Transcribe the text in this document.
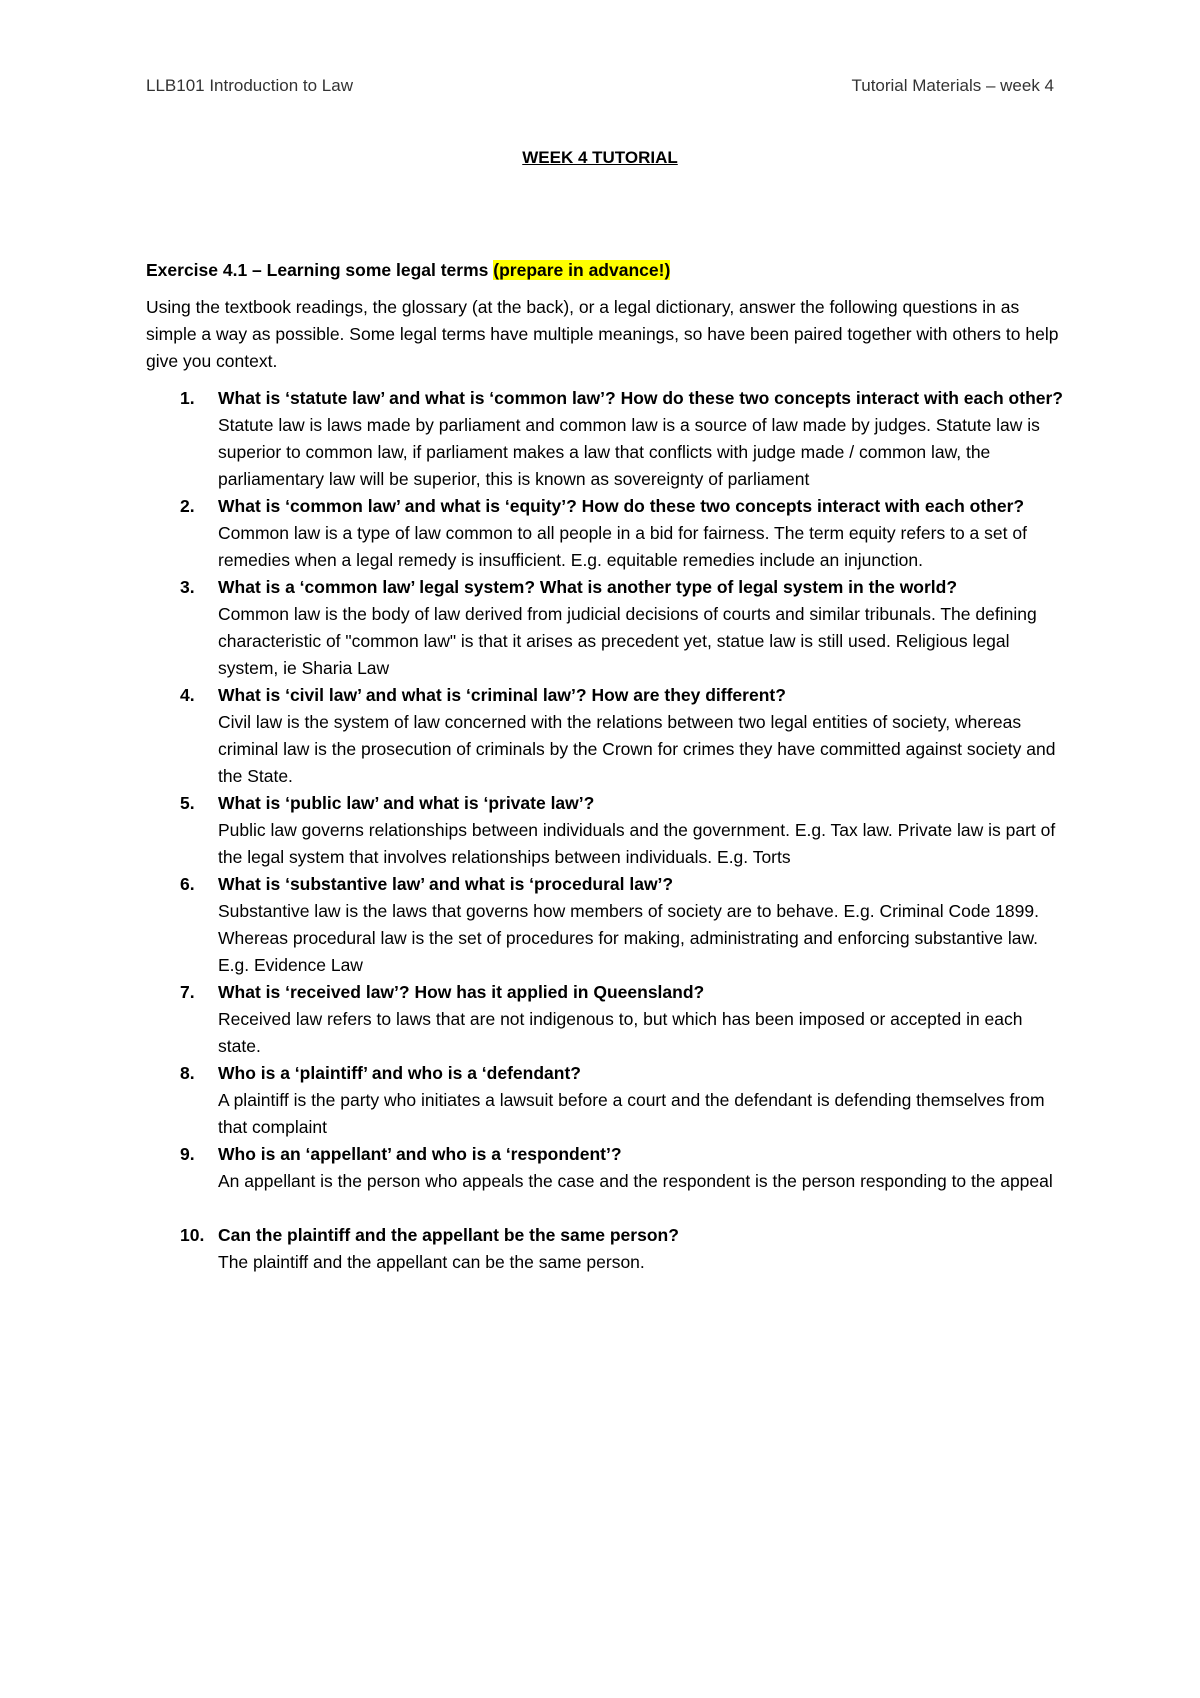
LLB101 Introduction to Law	Tutorial Materials – week 4
WEEK 4 TUTORIAL

Exercise 4.1 – Learning some legal terms (prepare in advance!)

Using the textbook readings, the glossary (at the back), or a legal dictionary, answer the following questions in as simple a way as possible. Some legal terms have multiple meanings, so have been paired together with others to help give you context.

1.	What is ‘statute law’ and what is ‘common law’? How do these two concepts interact with each other?
Statute law is laws made by parliament and common law is a source of law made by judges. Statute law is superior to common law, if parliament makes a law that conflicts with judge made / common law, the parliamentary law will be superior, this is known as sovereignty of parliament
2.	What is ‘common law’ and what is ‘equity’? How do these two concepts interact with each other?
Common law is a type of law common to all people in a bid for fairness. The term equity refers to a set of remedies when a legal remedy is insufficient. E.g. equitable remedies include an injunction.
3.	What is a ‘common law’ legal system? What is another type of legal system in the world?
Common law is the body of law derived from judicial decisions of courts and similar tribunals. The defining characteristic of "common law" is that it arises as precedent yet, statue law is still used. Religious legal system, ie Sharia Law
4.	What is ‘civil law’ and what is ‘criminal law’? How are they different?
Civil law is the system of law concerned with the relations between two legal entities of society, whereas criminal law is the prosecution of criminals by the Crown for crimes they have committed against society and the State.
5.	What is ‘public law’ and what is ‘private law’?
Public law governs relationships between individuals and the government. E.g. Tax law. Private law is part of the legal system that involves relationships between individuals. E.g. Torts
6.	What is ‘substantive law’ and what is ‘procedural law’?
Substantive law is the laws that governs how members of society are to behave. E.g. Criminal Code 1899. Whereas procedural law is the set of procedures for making, administrating and enforcing substantive law. E.g. Evidence Law
7.	What is ‘received law’? How has it applied in Queensland?
Received law refers to laws that are not indigenous to, but which has been imposed or accepted in each state.
8.	Who is a ‘plaintiff’ and who is a ‘defendant?
A plaintiff is the party who initiates a lawsuit before a court and the defendant is defending themselves from that complaint
9.	Who is an ‘appellant’ and who is a ‘respondent’?
An appellant is the person who appeals the case and the respondent is the person responding to the appeal
10. Can the plaintiff and the appellant be the same person?
The plaintiff and the appellant can be the same person.
